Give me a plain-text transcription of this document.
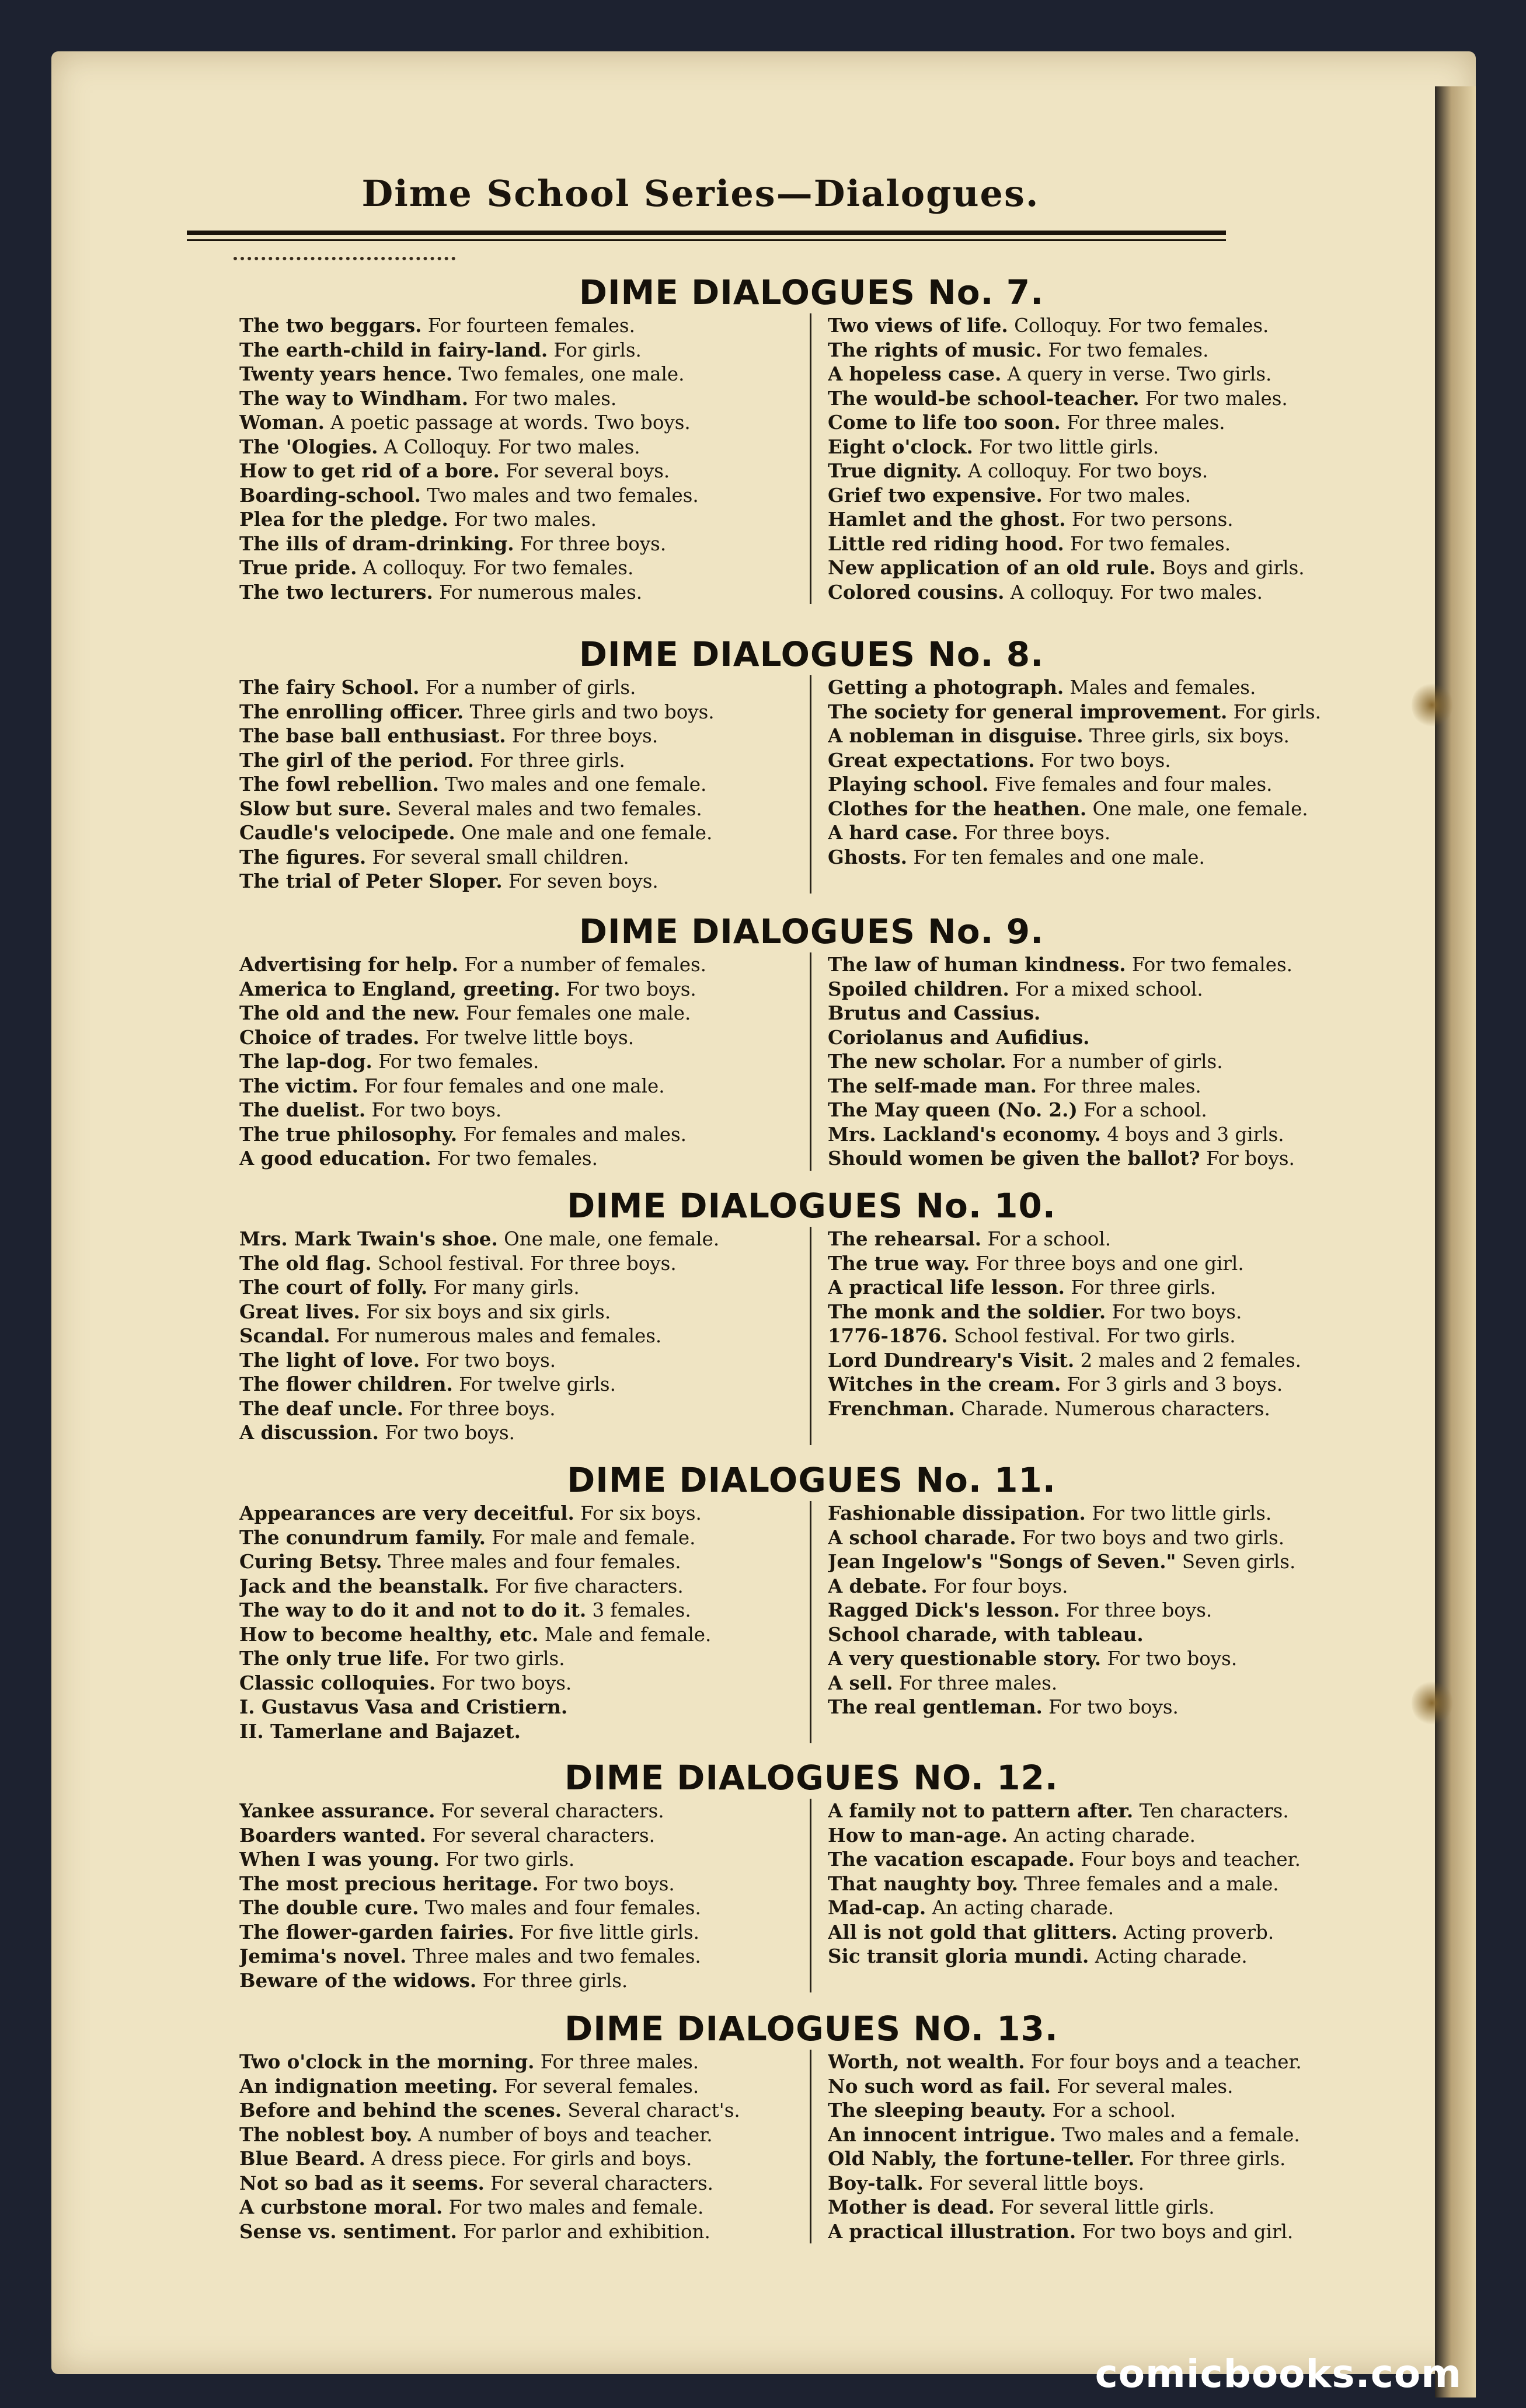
Dime School Series—Dialogues.
DIME DIALOGUES No. 7.
The two beggars. For fourteen females.
The earth-child in fairy-land. For girls.
Twenty years hence. Two females, one male.
The way to Windham. For two males.
Woman. A poetic passage at words. Two boys.
The 'Ologies. A Colloquy. For two males.
How to get rid of a bore. For several boys.
Boarding-school. Two males and two females.
Plea for the pledge. For two males.
The ills of dram-drinking. For three boys.
True pride. A colloquy. For two females.
The two lecturers. For numerous males.
Two views of life. Colloquy. For two females.
The rights of music. For two females.
A hopeless case. A query in verse. Two girls.
The would-be school-teacher. For two males.
Come to life too soon. For three males.
Eight o'clock. For two little girls.
True dignity. A colloquy. For two boys.
Grief two expensive. For two males.
Hamlet and the ghost. For two persons.
Little red riding hood. For two females.
New application of an old rule. Boys and girls.
Colored cousins. A colloquy. For two males.
DIME DIALOGUES No. 8.
The fairy School. For a number of girls.
The enrolling officer. Three girls and two boys.
The base ball enthusiast. For three boys.
The girl of the period. For three girls.
The fowl rebellion. Two males and one female.
Slow but sure. Several males and two females.
Caudle's velocipede. One male and one female.
The figures. For several small children.
The trial of Peter Sloper. For seven boys.
Getting a photograph. Males and females.
The society for general improvement. For girls.
A nobleman in disguise. Three girls, six boys.
Great expectations. For two boys.
Playing school. Five females and four males.
Clothes for the heathen. One male, one female.
A hard case. For three boys.
Ghosts. For ten females and one male.
DIME DIALOGUES No. 9.
Advertising for help. For a number of females.
America to England, greeting. For two boys.
The old and the new. Four females one male.
Choice of trades. For twelve little boys.
The lap-dog. For two females.
The victim. For four females and one male.
The duelist. For two boys.
The true philosophy. For females and males.
A good education. For two females.
The law of human kindness. For two females.
Spoiled children. For a mixed school.
Brutus and Cassius.
Coriolanus and Aufidius.
The new scholar. For a number of girls.
The self-made man. For three males.
The May queen (No. 2.) For a school.
Mrs. Lackland's economy. 4 boys and 3 girls.
Should women be given the ballot? For boys.
DIME DIALOGUES No. 10.
Mrs. Mark Twain's shoe. One male, one female.
The old flag. School festival. For three boys.
The court of folly. For many girls.
Great lives. For six boys and six girls.
Scandal. For numerous males and females.
The light of love. For two boys.
The flower children. For twelve girls.
The deaf uncle. For three boys.
A discussion. For two boys.
The rehearsal. For a school.
The true way. For three boys and one girl.
A practical life lesson. For three girls.
The monk and the soldier. For two boys.
1776-1876. School festival. For two girls.
Lord Dundreary's Visit. 2 males and 2 females.
Witches in the cream. For 3 girls and 3 boys.
Frenchman. Charade. Numerous characters.
DIME DIALOGUES No. 11.
Appearances are very deceitful. For six boys.
The conundrum family. For male and female.
Curing Betsy. Three males and four females.
Jack and the beanstalk. For five characters.
The way to do it and not to do it. 3 females.
How to become healthy, etc. Male and female.
The only true life. For two girls.
Classic colloquies. For two boys.
I. Gustavus Vasa and Cristiern.
II. Tamerlane and Bajazet.
Fashionable dissipation. For two little girls.
A school charade. For two boys and two girls.
Jean Ingelow's "Songs of Seven." Seven girls.
A debate. For four boys.
Ragged Dick's lesson. For three boys.
School charade, with tableau.
A very questionable story. For two boys.
A sell. For three males.
The real gentleman. For two boys.
DIME DIALOGUES NO. 12.
Yankee assurance. For several characters.
Boarders wanted. For several characters.
When I was young. For two girls.
The most precious heritage. For two boys.
The double cure. Two males and four females.
The flower-garden fairies. For five little girls.
Jemima's novel. Three males and two females.
Beware of the widows. For three girls.
A family not to pattern after. Ten characters.
How to man-age. An acting charade.
The vacation escapade. Four boys and teacher.
That naughty boy. Three females and a male.
Mad-cap. An acting charade.
All is not gold that glitters. Acting proverb.
Sic transit gloria mundi. Acting charade.
DIME DIALOGUES NO. 13.
Two o'clock in the morning. For three males.
An indignation meeting. For several females.
Before and behind the scenes. Several charact's.
The noblest boy. A number of boys and teacher.
Blue Beard. A dress piece. For girls and boys.
Not so bad as it seems. For several characters.
A curbstone moral. For two males and female.
Sense vs. sentiment. For parlor and exhibition.
Worth, not wealth. For four boys and a teacher.
No such word as fail. For several males.
The sleeping beauty. For a school.
An innocent intrigue. Two males and a female.
Old Nably, the fortune-teller. For three girls.
Boy-talk. For several little boys.
Mother is dead. For several little girls.
A practical illustration. For two boys and girl.
comicbooks.com
